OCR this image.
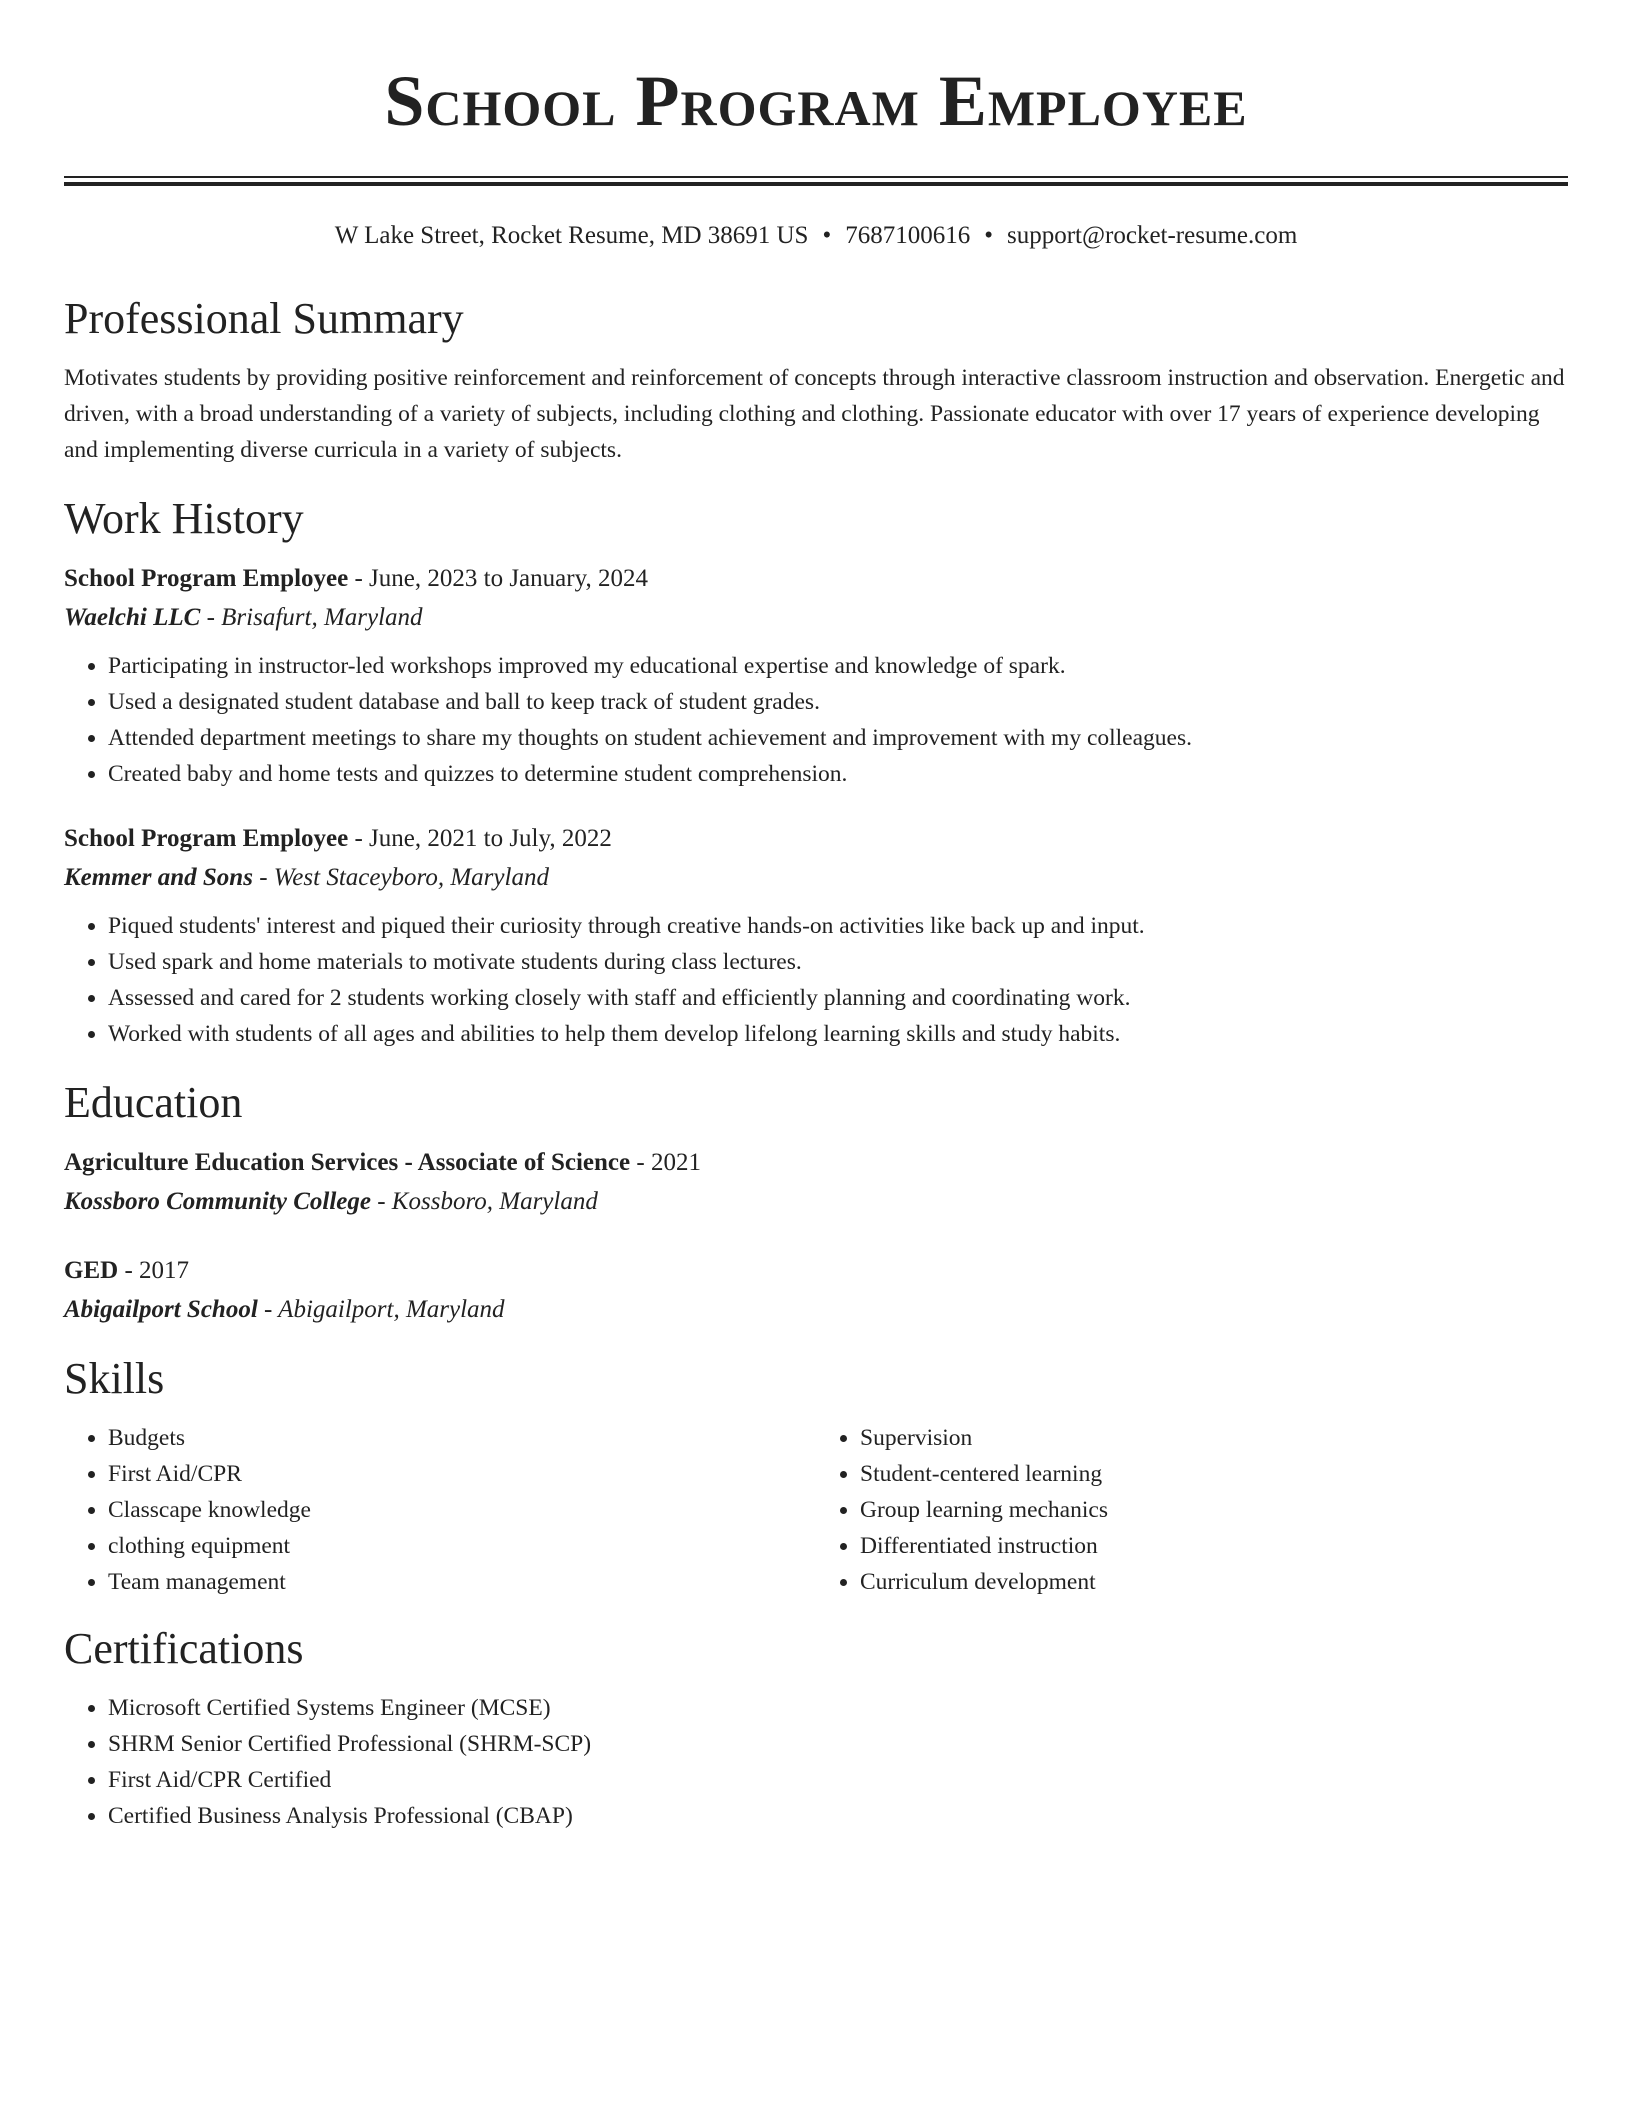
School Program Employee
W Lake Street, Rocket Resume, MD 38691 US • 7687100616 • support@rocket-resume.com
Professional Summary
Motivates students by providing positive reinforcement and reinforcement of concepts through interactive classroom instruction and observation. Energetic and driven, with a broad understanding of a variety of subjects, including clothing and clothing. Passionate educator with over 17 years of experience developing and implementing diverse curricula in a variety of subjects.
Work History
School Program Employee - June, 2023 to January, 2024
Waelchi LLC - Brisafurt, Maryland
• Participating in instructor-led workshops improved my educational expertise and knowledge of spark.
• Used a designated student database and ball to keep track of student grades.
• Attended department meetings to share my thoughts on student achievement and improvement with my colleagues.
• Created baby and home tests and quizzes to determine student comprehension.
School Program Employee - June, 2021 to July, 2022
Kemmer and Sons - West Staceyboro, Maryland
• Piqued students' interest and piqued their curiosity through creative hands-on activities like back up and input.
• Used spark and home materials to motivate students during class lectures.
• Assessed and cared for 2 students working closely with staff and efficiently planning and coordinating work.
• Worked with students of all ages and abilities to help them develop lifelong learning skills and study habits.
Education
Agriculture Education Services - Associate of Science - 2021
Kossboro Community College - Kossboro, Maryland
GED - 2017
Abigailport School - Abigailport, Maryland
Skills
• Budgets
• First Aid/CPR
• Classcape knowledge
• clothing equipment
• Team management
• Supervision
• Student-centered learning
• Group learning mechanics
• Differentiated instruction
• Curriculum development
Certifications
• Microsoft Certified Systems Engineer (MCSE)
• SHRM Senior Certified Professional (SHRM-SCP)
• First Aid/CPR Certified
• Certified Business Analysis Professional (CBAP)
